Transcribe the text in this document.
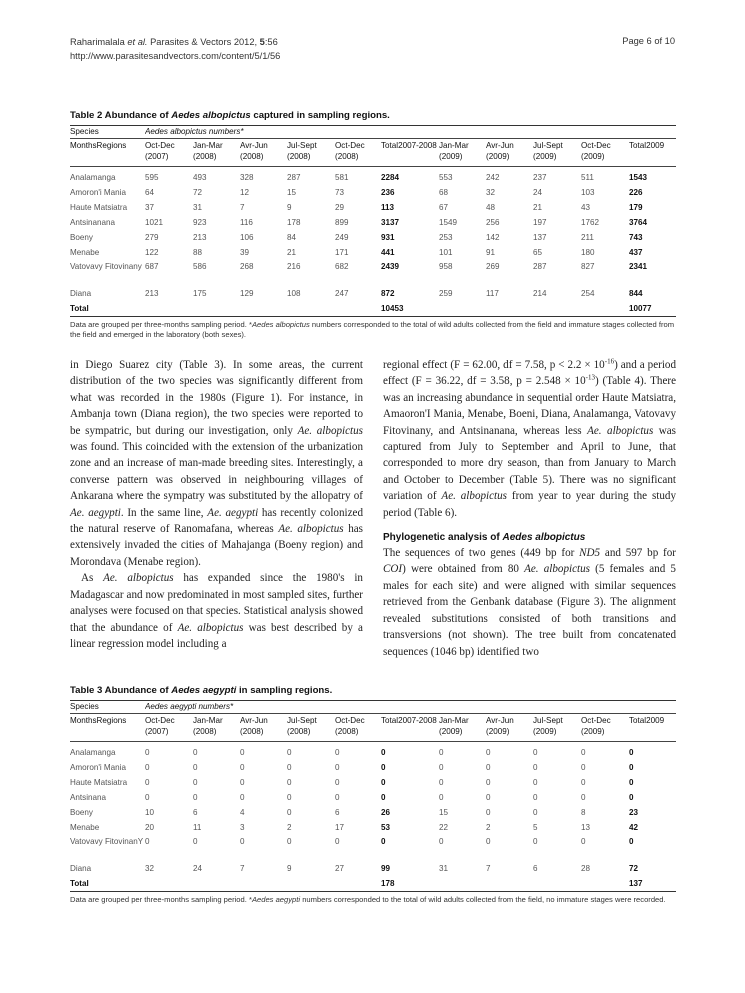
Raharimalala et al. Parasites & Vectors 2012, 5:56
http://www.parasitesandvectors.com/content/5/1/56
Page 6 of 10
Table 2 Abundance of Aedes albopictus captured in sampling regions.
Species	Aedes albopictus numbers*										
MonthsRegions	Oct-Dec (2007)	Jan-Mar (2008)	Avr-Jun (2008)	Jul-Sept (2008)	Oct-Dec (2008)	Total2007-2008	Jan-Mar (2009)	Avr-Jun (2009)	Jul-Sept (2009)	Oct-Dec (2009)	Total2009
Analamanga	595	493	328	287	581	2284	553	242	237	511	1543
Amoron'i Mania	64	72	12	15	73	236	68	32	24	103	226
Haute Matsiatra	37	31	7	9	29	113	67	48	21	43	179
Antsinanana	1021	923	116	178	899	3137	1549	256	197	1762	3764
Boeny	279	213	106	84	249	931	253	142	137	211	743
Menabe	122	88	39	21	171	441	101	91	65	180	437
Vatovavy Fitovinany	687	586	268	216	682	2439	958	269	287	827	2341
Diana	213	175	129	108	247	872	259	117	214	254	844
Total						10453					10077
Data are grouped per three-months sampling period. *Aedes albopictus numbers corresponded to the total of wild adults collected from the field and immature stages collected from the field and emerged in the laboratory (both sexes).

in Diego Suarez city (Table 3). In some areas, the current distribution of the two species was significantly different from what was recorded in the 1980s (Figure 1). For instance, in Ambanja town (Diana region), the two species were reported to be sympatric, but during our investigation, only Ae. albopictus was found. This coincided with the extension of the urbanization zone and an increase of man-made breeding sites. Interestingly, a converse pattern was observed in neighbouring villages of Ankarana where the sympatry was substituted by the allopatry of Ae. aegypti. In the same line, Ae. aegypti has recently colonized the natural reserve of Ranomafana, whereas Ae. albopictus has extensively invaded the cities of Mahajanga (Boeny region) and Morondava (Menabe region).

As Ae. albopictus has expanded since the 1980's in Madagascar and now predominated in most sampled sites, further analyses were focused on that species. Statistical analysis showed that the abundance of Ae. albopictus was best described by a linear regression model including a

regional effect (F = 62.00, df = 7.58, $p < 2.2 \times 10^{-16}$) and a period effect (F = 36.22, df = 3.58, $p = 2.548 \times 10^{-13}$) (Table 4). There was an increasing abundance in sequential order Haute Matsiatra, Amaoron'I Mania, Menabe, Boeni, Diana, Analamanga, Vatovavy Fitovinany, and Antsinanana, whereas less Ae. albopictus was captured from July to September and April to June, that corresponded to more dry season, than from January to March and October to December (Table 5). There was no significant variation of Ae. albopictus from year to year during the study period (Table 6).

Phylogenetic analysis of Aedes albopictus

The sequences of two genes (449 bp for ND5 and 597 bp for COI) were obtained from 80 Ae. albopictus (5 females and 5 males for each site) and were aligned with similar sequences retrieved from the Genbank database (Figure 3). The alignment revealed substitutions consisted of both transitions and transversions (not shown). The tree built from concatenated sequences (1046 bp) identified two

Table 3 Abundance of Aedes aegypti in sampling regions.
Species	Aedes aegypti numbers*										
MonthsRegions	Oct-Dec (2007)	Jan-Mar (2008)	Avr-Jun (2008)	Jul-Sept (2008)	Oct-Dec (2008)	Total2007-2008	Jan-Mar (2009)	Avr-Jun (2009)	Jul-Sept (2009)	Oct-Dec (2009)	Total2009
Analamanga	0	0	0	0	0	0	0	0	0	0	0
Amoron'i Mania	0	0	0	0	0	0	0	0	0	0	0
Haute Matsiatra	0	0	0	0	0	0	0	0	0	0	0
Antsinana	0	0	0	0	0	0	0	0	0	0	0
Boeny	10	6	4	0	6	26	15	0	0	8	23
Menabe	20	11	3	2	17	53	22	2	5	13	42
Vatovavy FitovinanY	0	0	0	0	0	0	0	0	0	0	0
Diana	32	24	7	9	27	99	31	7	6	28	72
Total						178					137
Data are grouped per three-months sampling period. *Aedes aegypti numbers corresponded to the total of wild adults collected from the field, no immature stages were recorded.
